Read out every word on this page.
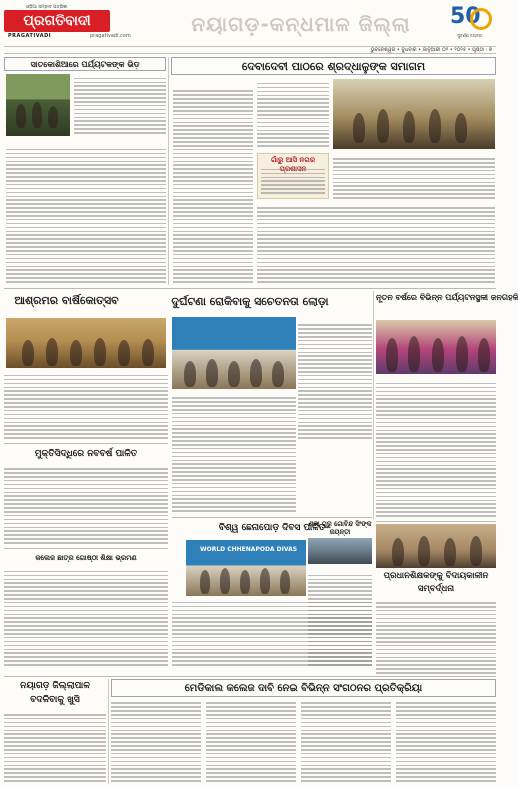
ଓଡ଼ିଆ ସମ୍ବାଦ ପତ୍ରିକା
ପ୍ରଗତିବାଦୀ
PRAGATIVADI	pragativadi.com	ନୟାଗଡ଼-କନ୍ଧମାଳ ଜିଲ୍ଲା	50
ସୁବର୍ଣ୍ଣ ଜୟନ୍ତୀ
ଭୁବନେଶ୍ୱର • ବୁଧବାର • ଜାନୁଆରୀ ୦୨ • ୨୦୨୫ • ପୃଷ୍ଠା : ୭
ସାତକୋଶିଆରେ ପର୍ଯ୍ୟଟକଙ୍କ ଭିଡ଼	ଦେବାଦେବୀ ପାଠରେ ଶ୍ରଦ୍ଧାଳୁଙ୍କ ସମାଗମ
ଗାଁରୁ ଆସି ନଗର
ଆଶ୍ରମର ବାର୍ଷିକୋତ୍ସବ	ଦୁର୍ଘଟଣା ରୋକିବାକୁ ସଚେତନତା ଲୋଡ଼ା	ନୂତନ ବର୍ଷରେ ବିଭିନ୍ନ ପର୍ଯ୍ୟଟନସ୍ଥଳୀ ଜନଗହଳି
ମୁକ୍ତିସିଦ୍ଧିରେ ନବବର୍ଷ ପାଳିତ
ବିଶ୍ୱ ଛେନାପୋଡ଼ ଦିବସ ପାଳିତ
WORLD CHHENAPODA DIVAS
ଶ୍ରୀ ଗୁରୁ ଗୋବିନ୍ଦ ସିଂଙ୍କ ଜୟନ୍ତୀ
ପ୍ରଧାନଶିକ୍ଷକଙ୍କୁ ବିଦାୟକାଳୀନ ସମ୍ବର୍ଦ୍ଧନା
କଲେଜ ଛାତ୍ର ଗୋଷ୍ଠୀ ଶିକ୍ଷା ଭ୍ରମଣ
ନୟାଗଡ଼ ଜିଲ୍ଲାପାଳ ବଦଳିବାକୁ ଖୁସି
ମେଡିକାଲ କଲେଜ ଦାବି ନେଇ ବିଭିନ୍ନ ସଂଗଠନର ପ୍ରତିକ୍ରିୟା
